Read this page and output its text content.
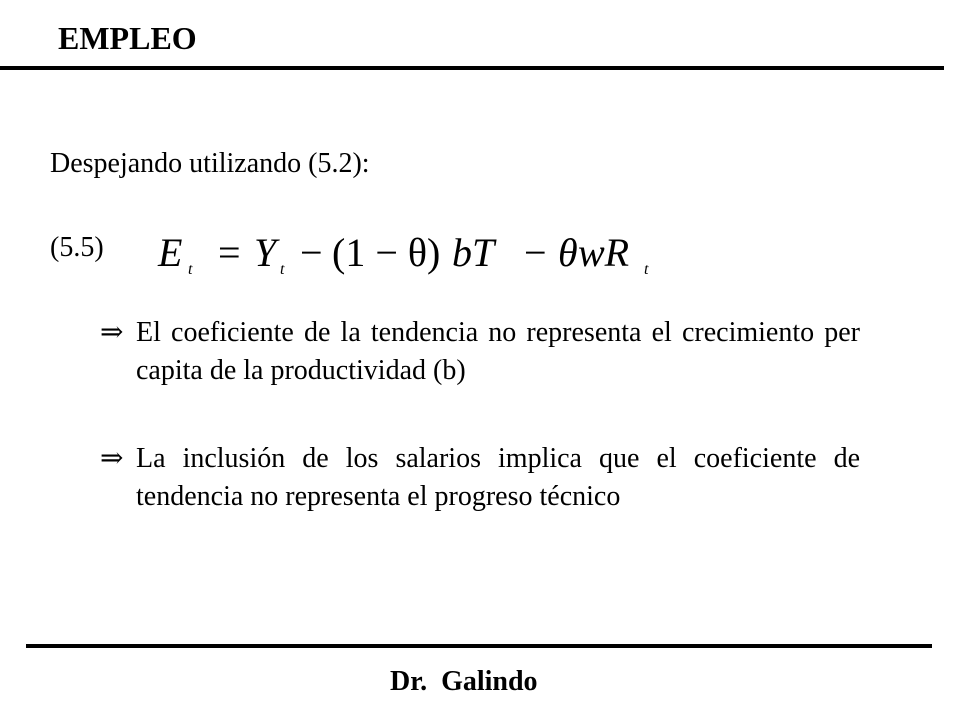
EMPLEO
Despejando utilizando (5.2):
(5.5) E t = Y t − (1 − θ) bT − θ wR t
⇒ El coeficiente de la tendencia no representa el crecimiento per capita de la productividad (b)
⇒ La inclusión de los salarios implica que el coeficiente de tendencia no representa el progreso técnico
Dr.  Galindo
